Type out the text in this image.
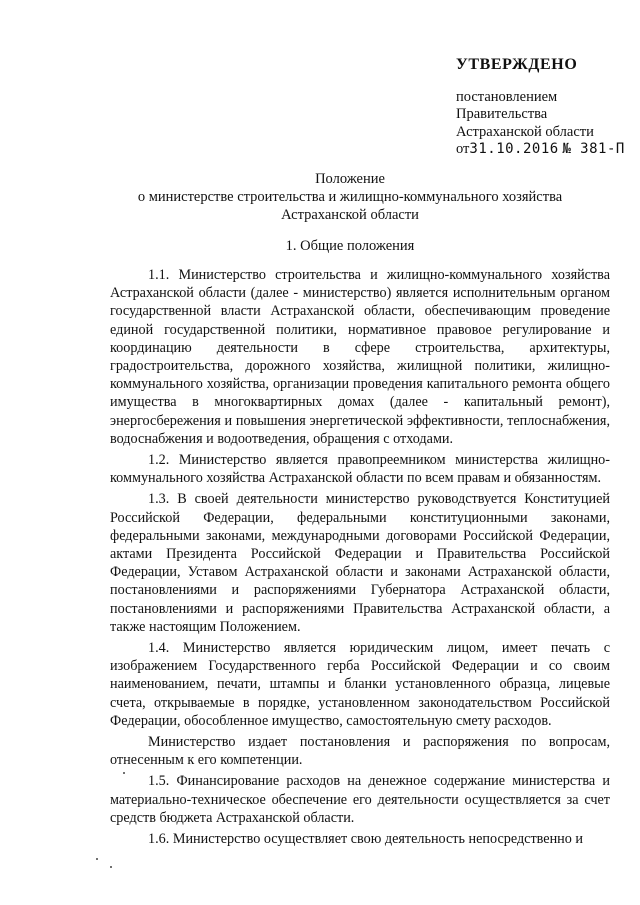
УТВЕРЖДЕНО
постановлением
Правительства
Астраханской области
от31.10.2016 № 381-П
Положение
о министерстве строительства и жилищно-коммунального хозяйства
Астраханской области
1. Общие положения

1.1. Министерство строительства и жилищно-коммунального хозяйства Астраханской области (далее - министерство) является исполнительным органом государственной власти Астраханской области, обеспечивающим проведение единой государственной политики, нормативное правовое регулирование и координацию деятельности в сфере строительства, архитектуры, градостроительства, дорожного хозяйства, жилищной политики, жилищно-коммунального хозяйства, организации проведения капитального ремонта общего имущества в многоквартирных домах (далее - капитальный ремонт), энергосбережения и повышения энергетической эффективности, теплоснабжения, водоснабжения и водоотведения, обращения с отходами.

1.2. Министерство является правопреемником министерства жилищно-коммунального хозяйства Астраханской области по всем правам и обязанностям.

1.3. В своей деятельности министерство руководствуется Конституцией Российской Федерации, федеральными конституционными законами, федеральными законами, международными договорами Российской Федерации, актами Президента Российской Федерации и Правительства Российской Федерации, Уставом Астраханской области и законами Астраханской области, постановлениями и распоряжениями Губернатора Астраханской области, постановлениями и распоряжениями Правительства Астраханской области, а также настоящим Положением.

1.4. Министерство является юридическим лицом, имеет печать с изображением Государственного герба Российской Федерации и со своим наименованием, печати, штампы и бланки установленного образца, лицевые счета, открываемые в порядке, установленном законодательством Российской Федерации, обособленное имущество, самостоятельную смету расходов.

Министерство издает постановления и распоряжения по вопросам, отнесенным к его компетенции.

1.5. Финансирование расходов на денежное содержание министерства и материально-техническое обеспечение его деятельности осуществляется за счет средств бюджета Астраханской области.

1.6. Министерство осуществляет свою деятельность непосредственно и
